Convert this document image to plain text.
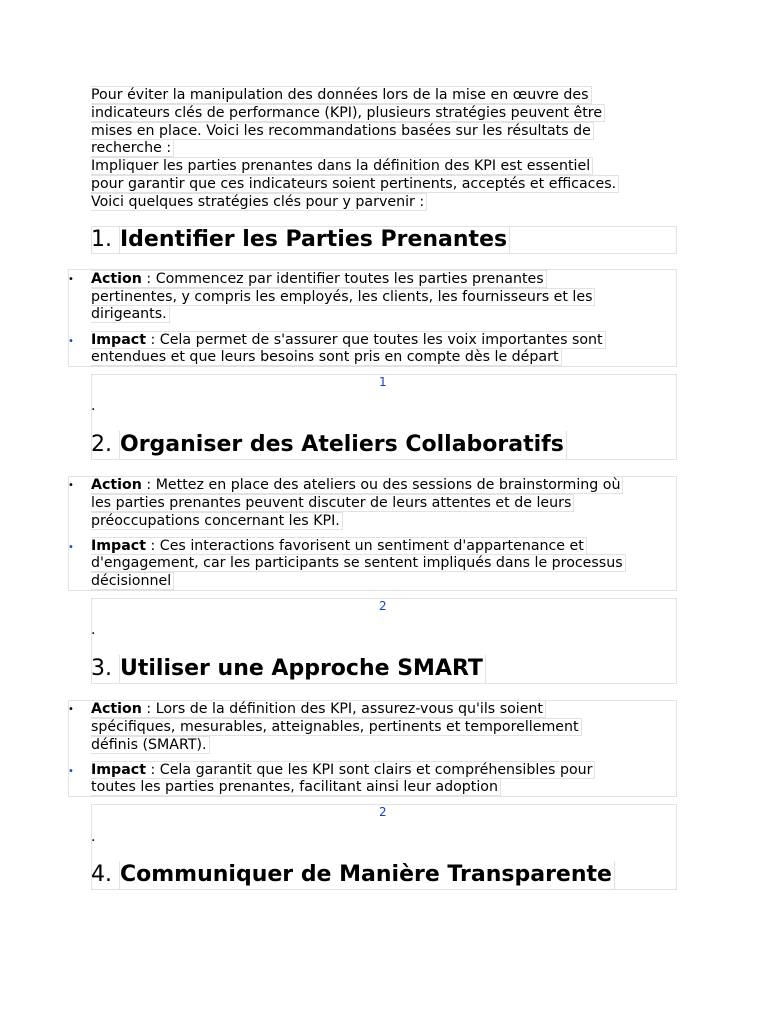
Pour éviter la manipulation des données lors de la mise en œuvre des
indicateurs clés de performance (KPI), plusieurs stratégies peuvent être
mises en place. Voici les recommandations basées sur les résultats de
recherche :
Impliquer les parties prenantes dans la définition des KPI est essentiel
pour garantir que ces indicateurs soient pertinents, acceptés et efficaces.
Voici quelques stratégies clés pour y parvenir :
1. Identifier les Parties Prenantes
• Action : Commencez par identifier toutes les parties prenantes
pertinentes, y compris les employés, les clients, les fournisseurs et les
dirigeants.
• Impact : Cela permet de s'assurer que toutes les voix importantes sont
entendues et que leurs besoins sont pris en compte dès le départ
1
.
2. Organiser des Ateliers Collaboratifs
• Action : Mettez en place des ateliers ou des sessions de brainstorming où
les parties prenantes peuvent discuter de leurs attentes et de leurs
préoccupations concernant les KPI.
• Impact : Ces interactions favorisent un sentiment d'appartenance et
d'engagement, car les participants se sentent impliqués dans le processus
décisionnel
2
.
3. Utiliser une Approche SMART
• Action : Lors de la définition des KPI, assurez-vous qu'ils soient
spécifiques, mesurables, atteignables, pertinents et temporellement
définis (SMART).
• Impact : Cela garantit que les KPI sont clairs et compréhensibles pour
toutes les parties prenantes, facilitant ainsi leur adoption
2
.
4. Communiquer de Manière Transparente
